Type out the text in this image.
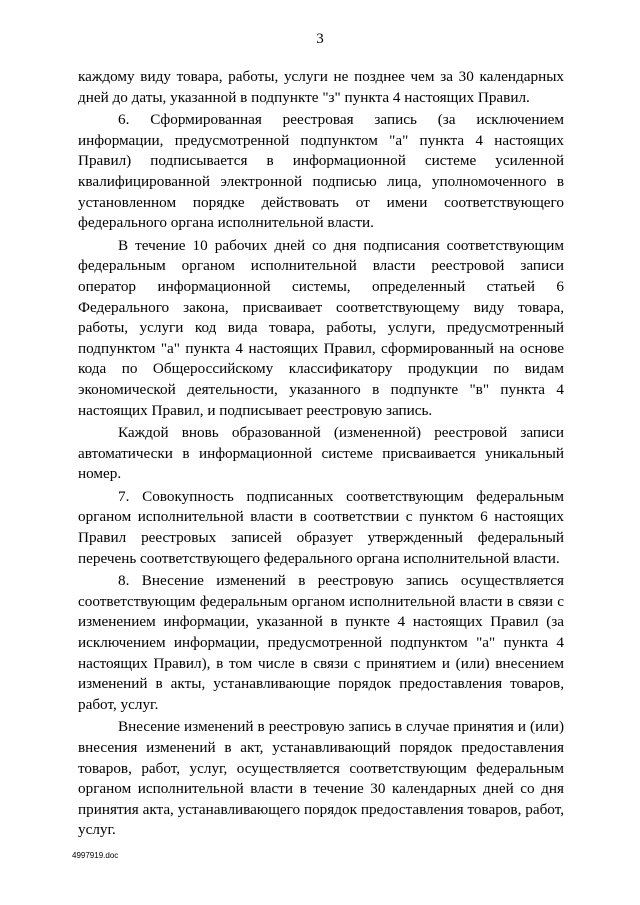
3

каждому виду товара, работы, услуги не позднее чем за 30 календарных дней до даты, указанной в подпункте "з" пункта 4 настоящих Правил.

6. Сформированная реестровая запись (за исключением информации, предусмотренной подпунктом "а" пункта 4 настоящих Правил) подписывается в информационной системе усиленной квалифицированной электронной подписью лица, уполномоченного в установленном порядке действовать от имени соответствующего федерального органа исполнительной власти.

В течение 10 рабочих дней со дня подписания соответствующим федеральным органом исполнительной власти реестровой записи оператор информационной системы, определенный статьей 6 Федерального закона, присваивает соответствующему виду товара, работы, услуги код вида товара, работы, услуги, предусмотренный подпунктом "а" пункта 4 настоящих Правил, сформированный на основе кода по Общероссийскому классификатору продукции по видам экономической деятельности, указанного в подпункте "в" пункта 4 настоящих Правил, и подписывает реестровую запись.

Каждой вновь образованной (измененной) реестровой записи автоматически в информационной системе присваивается уникальный номер.

7. Совокупность подписанных соответствующим федеральным органом исполнительной власти в соответствии с пунктом 6 настоящих Правил реестровых записей образует утвержденный федеральный перечень соответствующего федерального органа исполнительной власти.

8. Внесение изменений в реестровую запись осуществляется соответствующим федеральным органом исполнительной власти в связи с изменением информации, указанной в пункте 4 настоящих Правил (за исключением информации, предусмотренной подпунктом "а" пункта 4 настоящих Правил), в том числе в связи с принятием и (или) внесением изменений в акты, устанавливающие порядок предоставления товаров, работ, услуг.

Внесение изменений в реестровую запись в случае принятия и (или) внесения изменений в акт, устанавливающий порядок предоставления товаров, работ, услуг, осуществляется соответствующим федеральным органом исполнительной власти в течение 30 календарных дней со дня принятия акта, устанавливающего порядок предоставления товаров, работ, услуг.

4997919.doc
